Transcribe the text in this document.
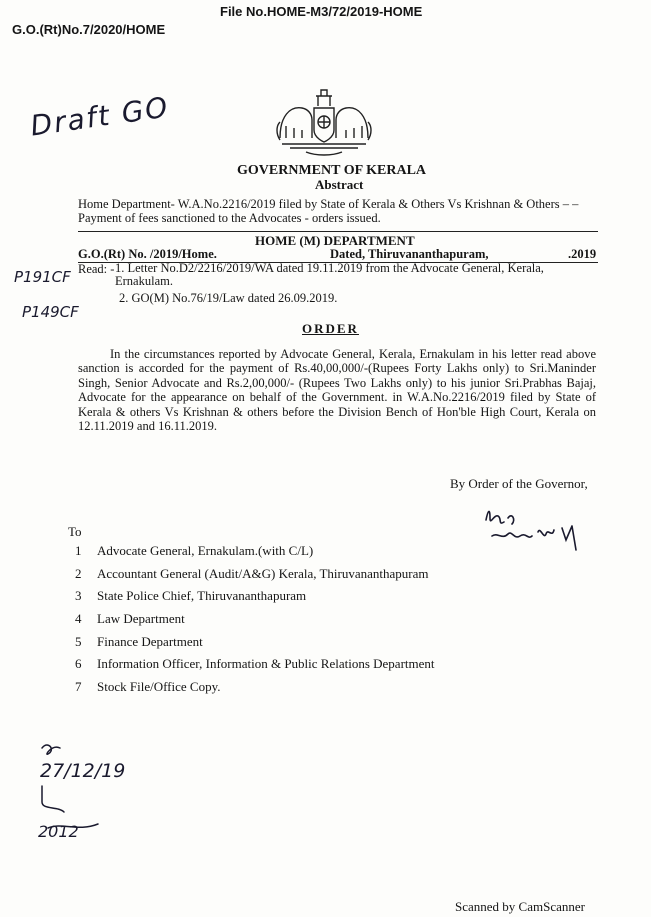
File No.HOME-M3/72/2019-HOME
G.O.(Rt)No.7/2020/HOME
Draft GO
GOVERNMENT OF KERALA
Abstract
Home Department- W.A.No.2216/2019 filed by State of Kerala & Others Vs Krishnan & Others – – Payment of fees sanctioned to the Advocates - orders issued.
HOME (M) DEPARTMENT
G.O.(Rt) No. /2019/Home.	Dated, Thiruvananthapuram,	.2019
Read: - 1. Letter No.D2/2216/2019/WA dated 19.11.2019 from the Advocate General, Kerala, Ernakulam.
2. GO(M) No.76/19/Law dated 26.09.2019.
P191CF
P149CF
ORDER
In the circumstances reported by Advocate General, Kerala, Ernakulam in his letter read above sanction is accorded for the payment of Rs.40,00,000/-(Rupees Forty Lakhs only) to Sri.Maninder Singh, Senior Advocate and Rs.2,00,000/- (Rupees Two Lakhs only) to his junior Sri.Prabhas Bajaj, Advocate for the appearance on behalf of the Government. in W.A.No.2216/2019 filed by State of Kerala & others Vs Krishnan & others before the Division Bench of Hon'ble High Court, Kerala on 12.11.2019 and 16.11.2019.
By Order of the Governor,
To
1	Advocate General, Ernakulam.(with C/L)
2	Accountant General (Audit/A&G) Kerala, Thiruvananthapuram
3	State Police Chief, Thiruvananthapuram
4	Law Department
5	Finance Department
6	Information Officer, Information & Public Relations Department
7	Stock File/Office Copy.
27/12/19
2012
Scanned by CamScanner
